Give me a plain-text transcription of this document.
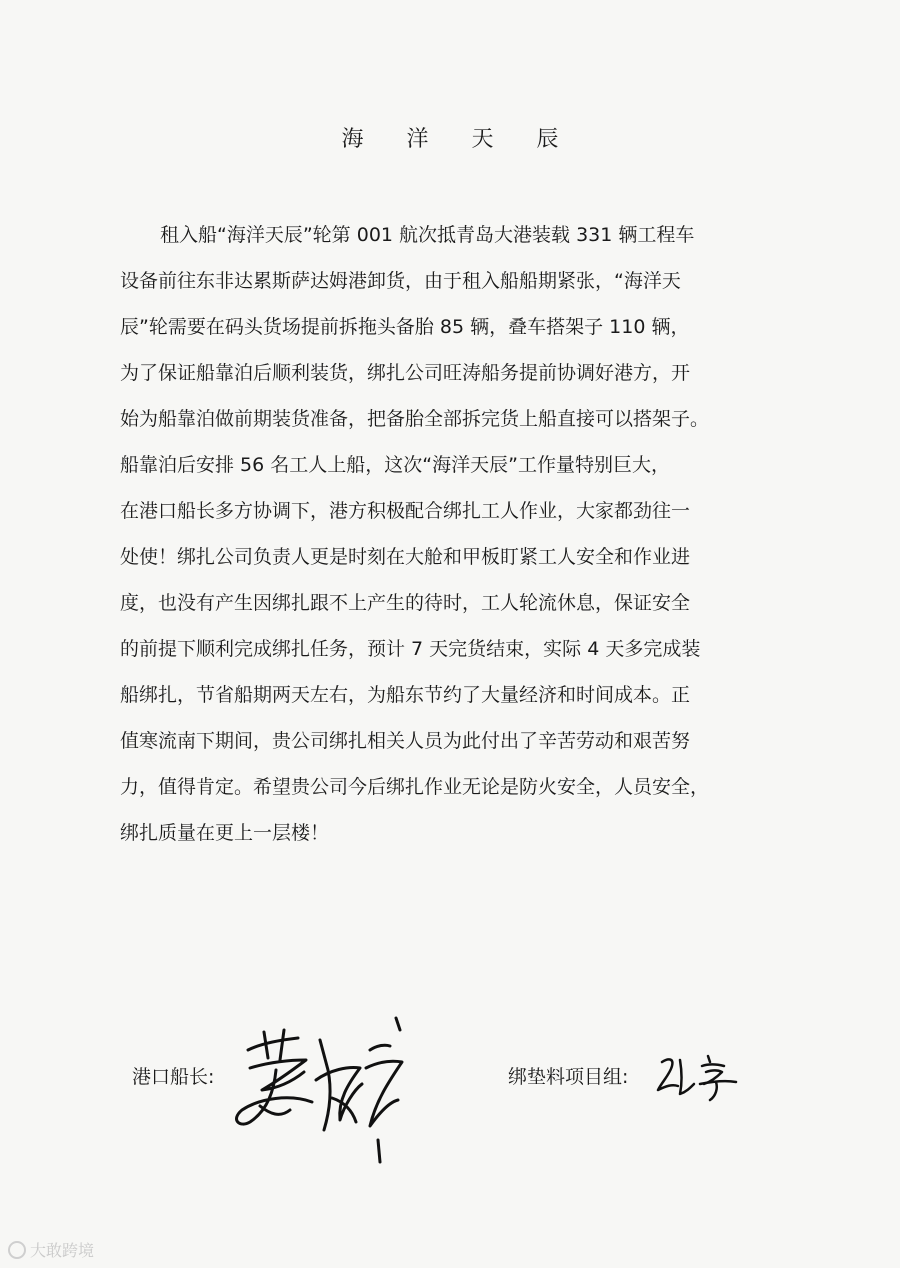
海 洋 天 辰
租入船“海洋天辰”轮第 001 航次抵青岛大港装载 331 辆工程车
设备前往东非达累斯萨达姆港卸货，由于租入船船期紧张，“海洋天
辰”轮需要在码头货场提前拆拖头备胎 85 辆，叠车搭架子 110 辆，
为了保证船靠泊后顺利装货，绑扎公司旺涛船务提前协调好港方，开
始为船靠泊做前期装货准备，把备胎全部拆完货上船直接可以搭架子。
船靠泊后安排 56 名工人上船，这次“海洋天辰”工作量特别巨大，
在港口船长多方协调下，港方积极配合绑扎工人作业，大家都劲往一
处使！绑扎公司负责人更是时刻在大舱和甲板盯紧工人安全和作业进
度，也没有产生因绑扎跟不上产生的待时，工人轮流休息，保证安全
的前提下顺利完成绑扎任务，预计 7 天完货结束，实际 4 天多完成装
船绑扎，节省船期两天左右，为船东节约了大量经济和时间成本。正
值寒流南下期间，贵公司绑扎相关人员为此付出了辛苦劳动和艰苦努
力，值得肯定。希望贵公司今后绑扎作业无论是防火安全，人员安全，
绑扎质量在更上一层楼！
港口船长:	绑垫料项目组:
大敢跨境
